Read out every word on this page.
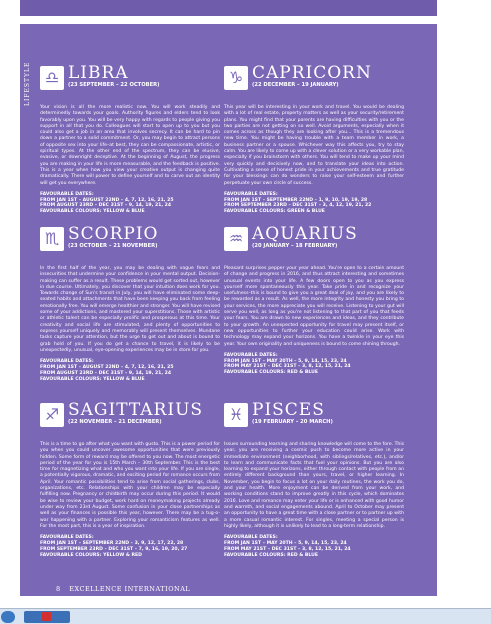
LIFESTYLE ♎ LIBRA
(23 SEPTEMBER – 22 OCTOBER)
Your vision is all the more realistic now. You will work steadily and determinedly towards your goals. Authority figures and elders tend to look favorably upon you. You will be very happy with regards to people giving you support in all that you do. Colleagues will start to open up to you but you could also get a job in an area that involves secrecy. It can be hard to pin down a partner to a solid commitment. Or, you may begin to attract persons of opposite sex into your life–at best, they can be compassionate, artistic, or spiritual types. At the other end of the spectrum, they can be elusive, evasive, or downright deceptive. At the beginning of August, the progress you are making in your life is more measurable, and the feedback is positive. This is a year when how you view your creative output is changing quite dramatically. There will power to define yourself and to carve out an identity will get you everywhere.
FAVOURABLE DATES:
FROM JAN 1ST – AUGUST 22ND – 4, 7, 12, 16, 21, 25
FROM AUGUST 23RD – DEC 31ST – 9, 14, 19, 21, 24
FAVOURABLE COLOURS: YELLOW & BLUE
♑ CAPRICORN
(22 DECEMBER – 19 JANUARY)
This year will be interesting in your work and travel. You would be dealing with a lot of real estate, property matters as well as your security/retirement plans. You might find that your parents are having difficulties with you or the two parties are not getting on so well. Avoid arguments, especially when it comes across as though they are looking after you... This is a tremendous new time. You might be having trouble with a team member in work, a business partner or a spouse. Whichever way this affects you, try to stay calm. You are likely to come up with a clever solution or a very workable plan, especially if you brainstorm with others. You will tend to make up your mind very quickly and decisively now, and to translate your ideas into action. Cultivating a sense of honest pride in your achievements and true gratitude for your blessings can do wonders to raise your self-esteem and further perpetuate your own circle of success.
FAVOURABLE DATES:
FROM JAN 1ST – SEPTEMBER 22ND – 1, 9, 10, 19, 19, 28
FROM SEPTEMBER 23RD – DEC 31ST – 3, 4, 12, 19, 21, 22
FAVOURABLE COLOURS: GREEN & BLUE
♏ SCORPIO
(23 OCTOBER – 21 NOVEMBER)
In the first half of the year, you may be dealing with vague fears and insecurities that undermine your confidence in your mental output. Decision-making can suffer as a result. These problems would get sorted out, however in due course. Ultimately, you discover that your intuition does work for you. Towards change of Sun's transit in July, you will have eliminated some deep-seated habits and attachments that have been keeping you back from feeling emotionally free. You will emerge healthier and stronger. You will have revised some of your addictions, and mastered your superstitions. Those with artistic or athletic talent can be especially prolific and prosperous at this time. Your creativity and social life are stimulated, and plenty of opportunities to express yourself uniquely and memorably will present themselves. Mundane tasks capture your attention, but the urge to get out and about is bound to grab hold of you. If you do get a chance to travel, it is likely to be unexpectedly, unusual, eye-opening experiences may be in store for you.
FAVOURABLE DATES:
FROM JAN 1ST – AUGUST 22ND – 4, 7, 12, 16, 21, 25
FROM AUGUST 23RD – DEC 31ST – 9, 14, 19, 21, 24
FAVOURABLE COLOURS: YELLOW & BLUE
♒ AQUARIUS
(20 JANUARY – 18 FEBRUARY)
Pleasant surprises pepper your year ahead. You're open to a certain amount of change and progress in 2016, and thus attract interesting and sometimes unusual events into your life. A few doors open to you as you express yourself more spontaneously this year. Take pride in and recognize your usefulness–this is bound to give you a great deal of joy, and you are likely to be rewarded as a result. As well, the more integrity and honesty you bring to your services, the more appreciate you will receive. Listening to your gut will serve you well, as long as you're not listening to that part of you that feeds your fears. You are drawn to new experiences and ideas, and they contribute to your growth. An unexpected opportunity for travel may present itself, or new opportunities to further your education could arise. Work with technology may expand your horizons. You have a twinkle in your eye this year. Your own originality and uniqueness is bound to come shining through.
FAVOURABLE DATES:
FROM JAN 1ST – MAY 20TH – 5, 9, 14, 15, 23, 24
FROM MAY 21ST – DEC 31ST – 3, 8, 12, 15, 21, 24
FAVOURABLE COLOURS: RED & BLUE
♐ SAGITTARIUS
(22 NOVEMBER – 21 DECEMBER)
This is a time to go after what you want with gusto. This is a power period for you when you could uncover awesome opportunities that were previously hidden. Some form of reward may be offered to you now. The most energetic period of the year for you is 15th March – 30th September. This is the best time for magnetizing what and who you want into your life. If you are single, a potentially vigorous, dramatic, and exciting period for romance occurs from April. Your romantic possibilities tend to arise from social gatherings, clubs, organizations, etc. Relationships with your children may be especially fulfilling now. Pregnancy or childbirth may occur during this period. It would be wise to review your budget, work hard on moneymaking projects already under way from 23rd August. Some confusion in your close partnerships as well as your finances is possible this year, however. There may be a tug-o-war happening with a partner. Exploring your romanticism features as well. For the most part, this is a year of inspiration.
FAVOURABLE DATES:
FROM JAN 1ST – SEPTEMBER 22ND – 3, 9, 12, 17, 22, 28
FROM SEPTEMBER 23RD – DEC 31ST – 7, 9, 16, 19, 20, 27
FAVOURABLE COLOURS: YELLOW & RED
♓ PISCES
(19 FEBRUARY – 20 MARCH)
Issues surrounding learning and sharing knowledge will come to the fore. This year, you are receiving a cosmic push to become more active in your immediate environment (neighborhood, with siblings/relatives, etc.), and/or to learn and communicate facts that fuel your opinions. But you are also learning to expand your horizons, either through contact with people from an entirely different background than yours, travel, or higher learning. In November, you begin to focus a lot on your daily routines, the work you do, and your health. More enjoyment can be derived from your work, and working conditions stand to improve greatly in this cycle, which dominates 2016. Love and romance may enter your life or is enhanced with good humor and warmth, and social engagements abound. April to October may present an opportunity to have a great time with a close partner or to partner up with a more casual romantic interest. For singles, meeting a special person is highly likely, although it is unlikely to lead to a long-term relationship.
FAVOURABLE DATES:
FROM JAN 1ST – MAY 20TH – 5, 9, 14, 15, 23, 24
FROM MAY 21ST – DEC 31ST – 3, 8, 12, 15, 21, 24
FAVOURABLE COLOURS: RED & BLUE
8 EXCELLENCE INTERNATIONAL
